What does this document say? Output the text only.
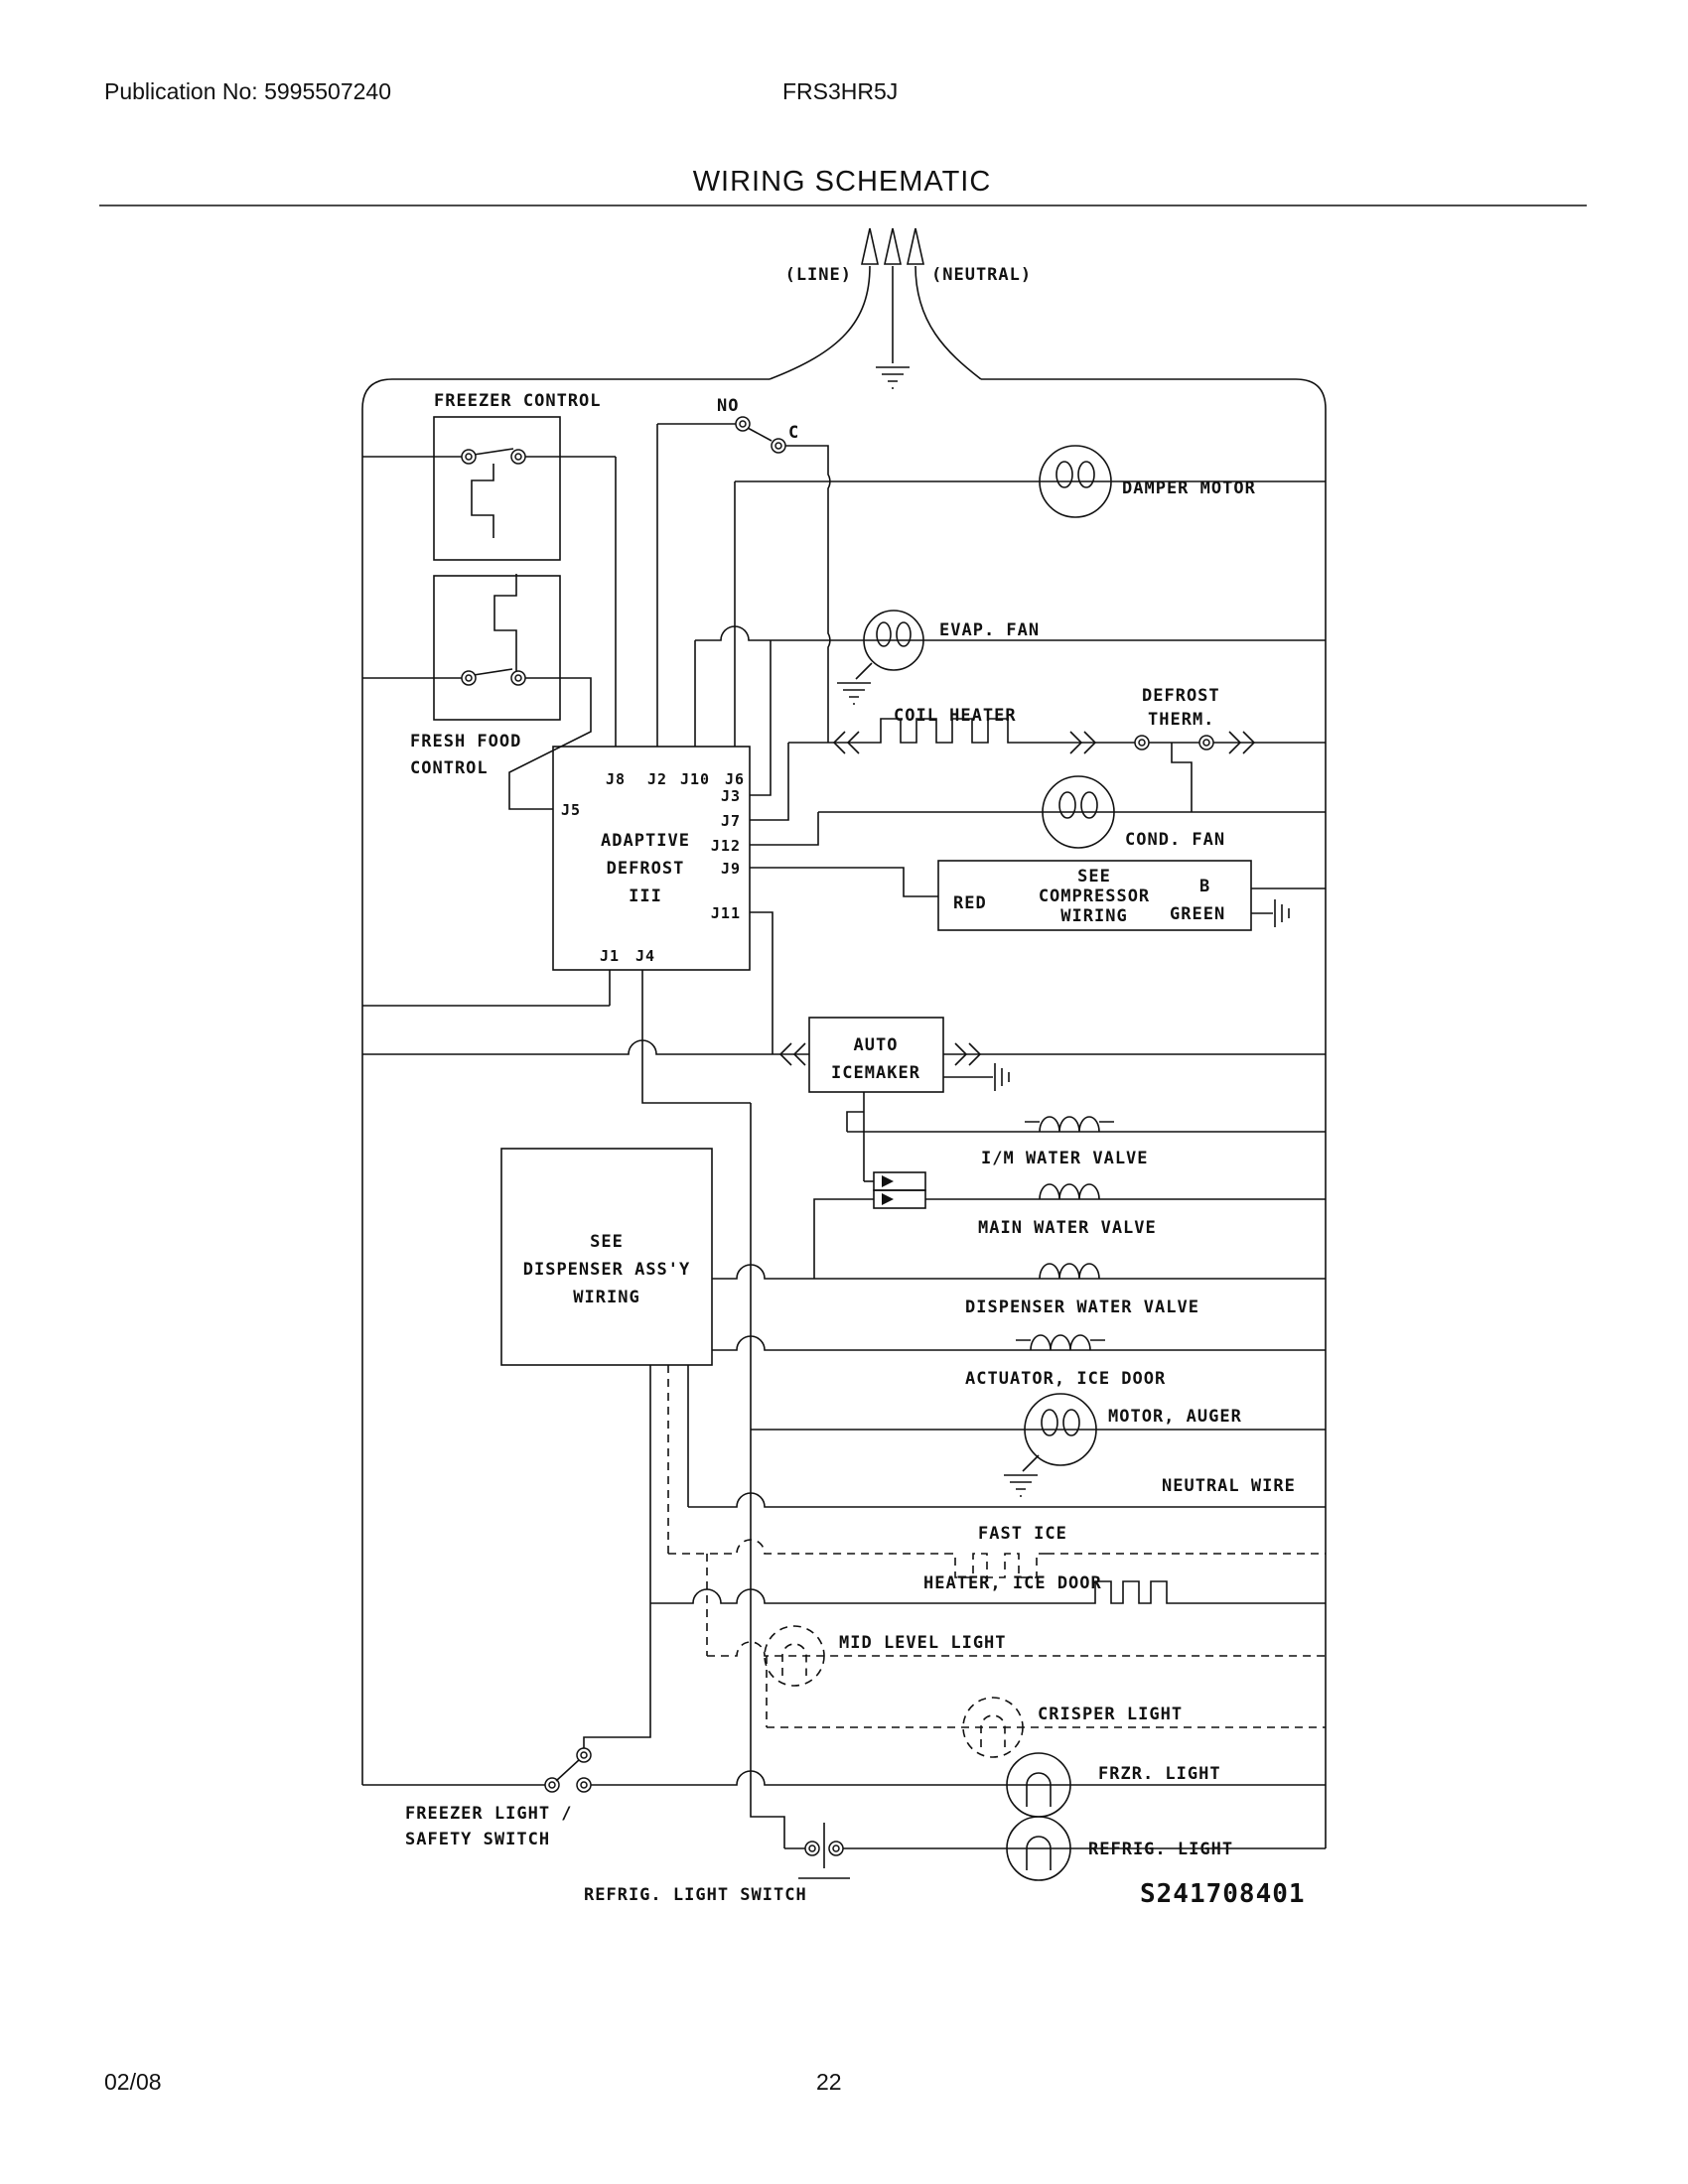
Publication No: 5995507240	FRS3HR5J
WIRING SCHEMATIC
(LINE)	(NEUTRAL)
FREEZER CONTROL
FRESH FOOD
CONTROL
NO
C
J8 J2 J10 J6
J5
J3
J7
J12
J9
J11
J1 J4
ADAPTIVE
DEFROST
III
DAMPER MOTOR
EVAP. FAN
COIL HEATER
DEFROST
THERM.
COND. FAN
SEE
COMPRESSOR
WIRING
RED
B
GREEN
AUTO
ICEMAKER
SEE
DISPENSER ASS'Y
WIRING
I/M WATER VALVE
MAIN WATER VALVE
DISPENSER WATER VALVE
ACTUATOR, ICE DOOR
MOTOR, AUGER
NEUTRAL WIRE
FAST ICE
HEATER, ICE DOOR
MID LEVEL LIGHT
CRISPER LIGHT
FRZR. LIGHT
FREEZER LIGHT /
SAFETY SWITCH	REFRIG. LIGHT
REFRIG. LIGHT SWITCH	S241708401
02/08	22
